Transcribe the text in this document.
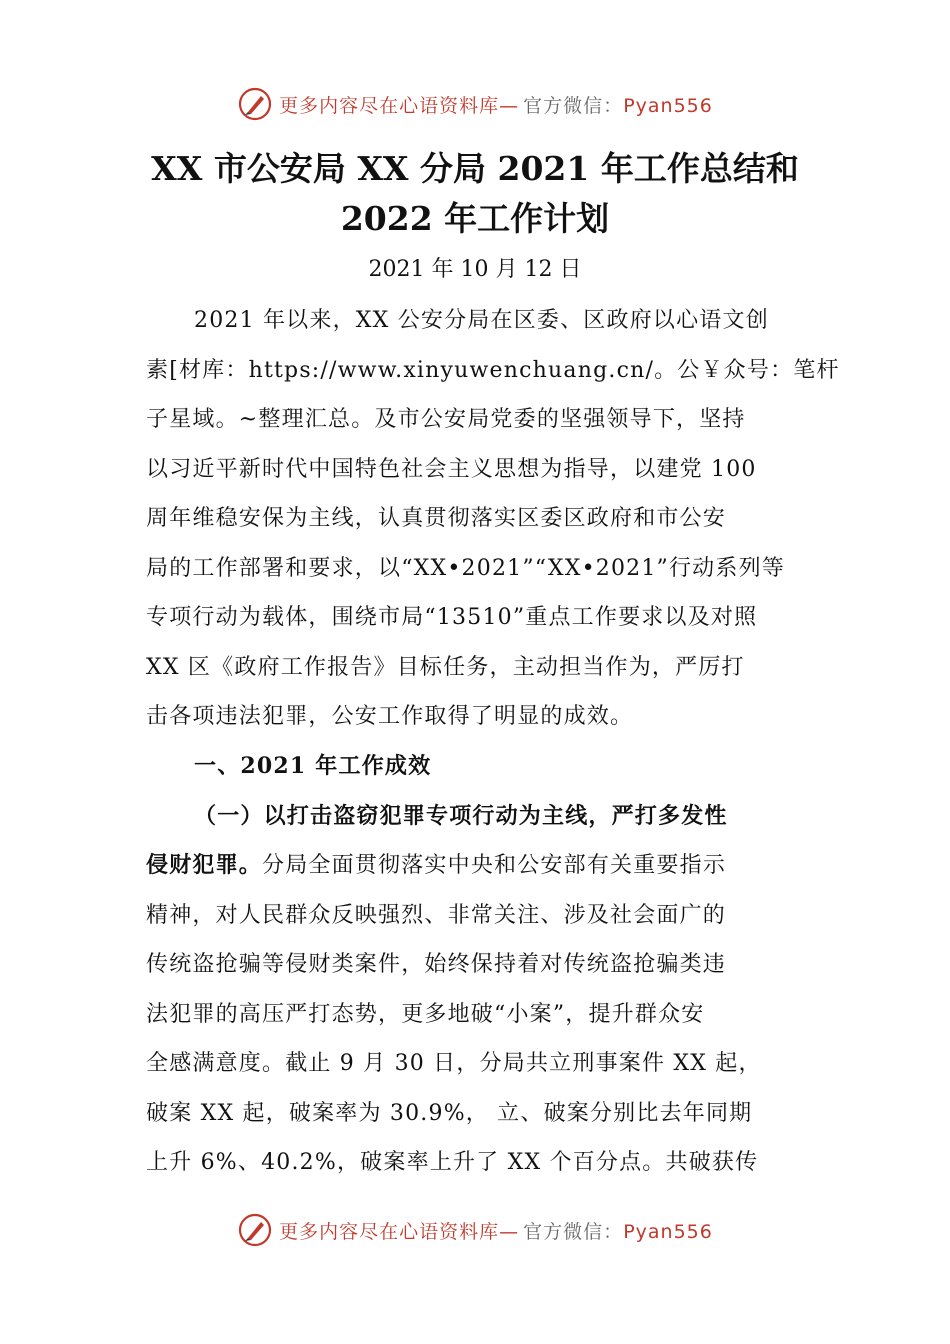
更多内容尽在心语资料库— 官方微信：Pyan556
XX 市公安局 XX 分局 2021 年工作总结和
2022 年工作计划
2021 年 10 月 12 日
2021 年以来，XX 公安分局在区委、区政府以心语文创
素[材库：https://www.xinyuwenchuang.cn/。公￥众号：笔杆
子星域。~整理汇总。及市公安局党委的坚强领导下，坚持
以习近平新时代中国特色社会主义思想为指导，以建党 100
周年维稳安保为主线，认真贯彻落实区委区政府和市公安
局的工作部署和要求，以“XX•2021”“XX•2021”行动系列等
专项行动为载体，围绕市局“13510”重点工作要求以及对照
XX 区《政府工作报告》目标任务，主动担当作为，严厉打
击各项违法犯罪，公安工作取得了明显的成效。
一、2021 年工作成效
（一）以打击盗窃犯罪专项行动为主线，严打多发性
侵财犯罪。分局全面贯彻落实中央和公安部有关重要指示
精神，对人民群众反映强烈、非常关注、涉及社会面广的
传统盗抢骗等侵财类案件，始终保持着对传统盗抢骗类违
法犯罪的高压严打态势，更多地破“小案”，提升群众安
全感满意度。截止 9 月 30 日，分局共立刑事案件 XX 起，
破案 XX 起，破案率为 30.9%， 立、破案分别比去年同期
上升 6%、40.2%，破案率上升了 XX 个百分点。共破获传
更多内容尽在心语资料库— 官方微信：Pyan556
